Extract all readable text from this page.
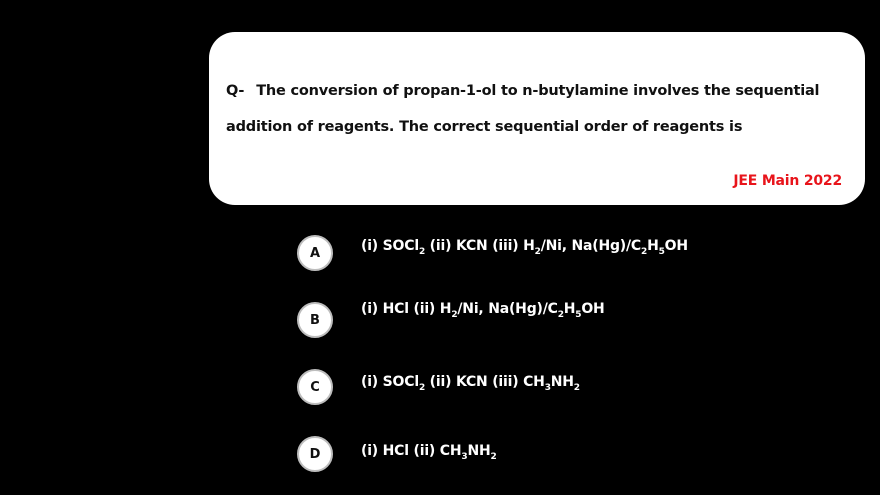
Q- The conversion of propan-1-ol to n-butylamine involves the sequential
addition of reagents. The correct sequential order of reagents is
JEE Main 2022
A	(i) SOCl$_2$ (ii) KCN (iii) $H_2/Ni$, $Na(Hg)/C_2H_5OH$
B
(i) HCl (ii) $H_2/Ni$, $Na(Hg)/C_2H_5OH$
C	(i) SOCl$_2$ (ii) KCN (iii) $CH_3NH_2$
D	(i) HCl (ii) $CH_3NH_2$
